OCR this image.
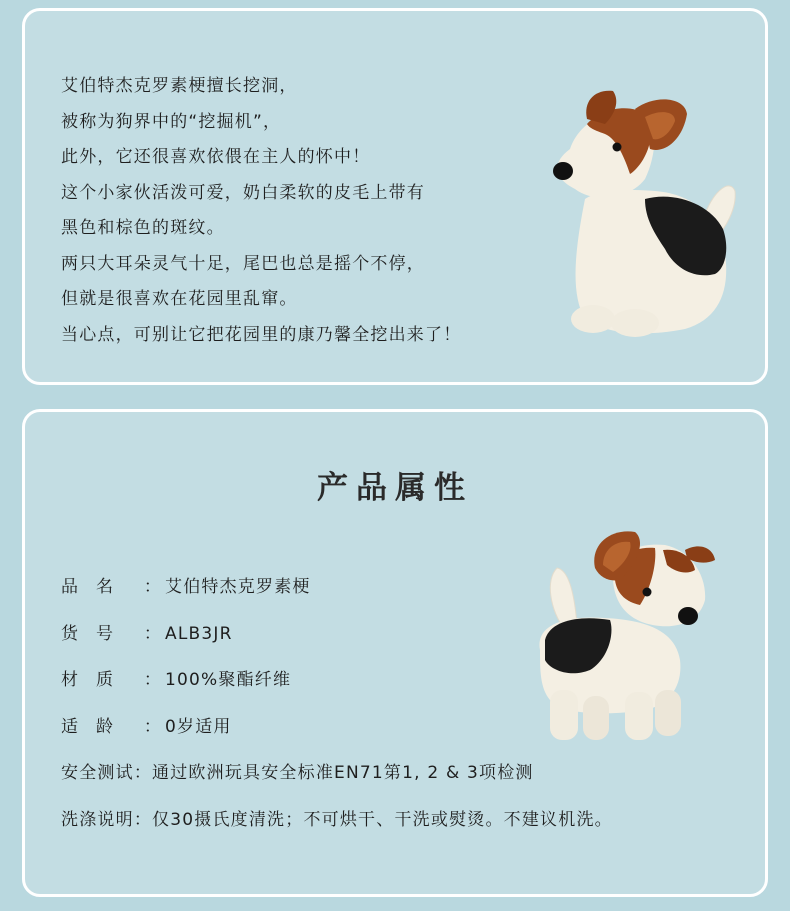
艾伯特杰克罗素梗擅长挖洞，
被称为狗界中的“挖掘机”，
此外，它还很喜欢依偎在主人的怀中！
这个小家伙活泼可爱，奶白柔软的皮毛上带有
黑色和棕色的斑纹。
两只大耳朵灵气十足，尾巴也总是摇个不停，
但就是很喜欢在花园里乱窜。
当心点，可别让它把花园里的康乃馨全挖出来了！
产品属性
品名 ： 艾伯特杰克罗素梗
货号 ： ALB3JR
材质 ： 100%聚酯纤维
适龄 ： 0岁适用
安全测试：通过欧洲玩具安全标准EN71第1, 2 & 3项检测
洗涤说明：仅30摄氏度清洗；不可烘干、干洗或熨烫。不建议机洗。
